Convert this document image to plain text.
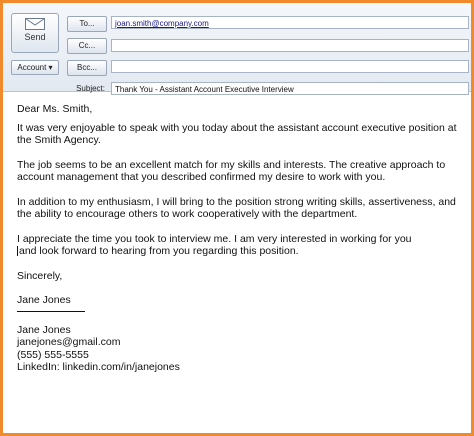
Send
Account ▾
To...	joan.smith@company.com
Cc...
Bcc...
Subject:	Thank You - Assistant Account Executive Interview

Dear Ms. Smith,

It was very enjoyable to speak with you today about the assistant account executive position at the Smith Agency.

The job seems to be an excellent match for my skills and interests. The creative approach to account management that you described confirmed my desire to work with you.

In addition to my enthusiasm, I will bring to the position strong writing skills, assertiveness, and the ability to encourage others to work cooperatively with the department.

I appreciate the time you took to interview me. I am very interested in working for you

and look forward to hearing from you regarding this position.

Sincerely,

Jane Jones

Jane Jones

janejones@gmail.com

(555) 555-5555

LinkedIn: linkedin.com/in/janejones
